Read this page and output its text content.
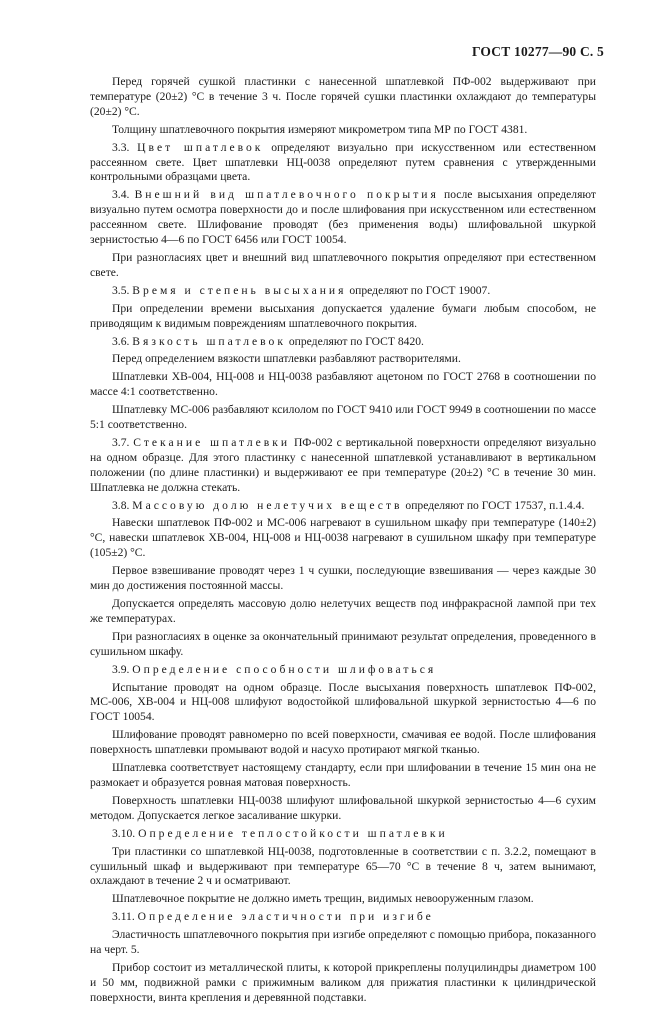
ГОСТ 10277—90 С. 5

Перед горячей сушкой пластинки с нанесенной шпатлевкой ПФ-002 выдерживают при температуре (20±2) °С в течение 3 ч. После горячей сушки пластинки охлаждают до температуры (20±2) °С.

Толщину шпатлевочного покрытия измеряют микрометром типа МР по ГОСТ 4381.

3.3. Цвет шпатлевок определяют визуально при искусственном или естественном рассеянном свете. Цвет шпатлевки НЦ-0038 определяют путем сравнения с утвержденными контрольными образцами цвета.

3.4. Внешний вид шпатлевочного покрытия после высыхания определяют визуально путем осмотра поверхности до и после шлифования при искусственном или естественном рассеянном свете. Шлифование проводят (без применения воды) шлифовальной шкуркой зернистостью 4—6 по ГОСТ 6456 или ГОСТ 10054.

При разногласиях цвет и внешний вид шпатлевочного покрытия определяют при естественном свете.

3.5. Время и степень высыхания определяют по ГОСТ 19007.

При определении времени высыхания допускается удаление бумаги любым способом, не приводящим к видимым повреждениям шпатлевочного покрытия.

3.6. Вязкость шпатлевок определяют по ГОСТ 8420.

Перед определением вязкости шпатлевки разбавляют растворителями.

Шпатлевки ХВ-004, НЦ-008 и НЦ-0038 разбавляют ацетоном по ГОСТ 2768 в соотношении по массе 4:1 соответственно.

Шпатлевку МС-006 разбавляют ксилолом по ГОСТ 9410 или ГОСТ 9949 в соотношении по массе 5:1 соответственно.

3.7. Стекание шпатлевки ПФ-002 с вертикальной поверхности определяют визуально на одном образце. Для этого пластинку с нанесенной шпатлевкой устанавливают в вертикальном положении (по длине пластинки) и выдерживают ее при температуре (20±2) °С в течение 30 мин. Шпатлевка не должна стекать.

3.8. Массовую долю нелетучих веществ определяют по ГОСТ 17537, п.1.4.4.

Навески шпатлевок ПФ-002 и МС-006 нагревают в сушильном шкафу при температуре (140±2) °С, навески шпатлевок ХВ-004, НЦ-008 и НЦ-0038 нагревают в сушильном шкафу при температуре (105±2) °С.

Первое взвешивание проводят через 1 ч сушки, последующие взвешивания — через каждые 30 мин до достижения постоянной массы.

Допускается определять массовую долю нелетучих веществ под инфракрасной лампой при тех же температурах.

При разногласиях в оценке за окончательный принимают результат определения, проведенного в сушильном шкафу.

3.9. Определение способности шлифоваться

Испытание проводят на одном образце. После высыхания поверхность шпатлевок ПФ-002, МС-006, ХВ-004 и НЦ-008 шлифуют водостойкой шлифовальной шкуркой зернистостью 4—6 по ГОСТ 10054.

Шлифование проводят равномерно по всей поверхности, смачивая ее водой. После шлифования поверхность шпатлевки промывают водой и насухо протирают мягкой тканью.

Шпатлевка соответствует настоящему стандарту, если при шлифовании в течение 15 мин она не размокает и образуется ровная матовая поверхность.

Поверхность шпатлевки НЦ-0038 шлифуют шлифовальной шкуркой зернистостью 4—6 сухим методом. Допускается легкое засаливание шкурки.

3.10. Определение теплостойкости шпатлевки

Три пластинки со шпатлевкой НЦ-0038, подготовленные в соответствии с п. 3.2.2, помещают в сушильный шкаф и выдерживают при температуре 65—70 °С в течение 8 ч, затем вынимают, охлаждают в течение 2 ч и осматривают.

Шпатлевочное покрытие не должно иметь трещин, видимых невооруженным глазом.

3.11. Определение эластичности при изгибе

Эластичность шпатлевочного покрытия при изгибе определяют с помощью прибора, показанного на черт. 5.

Прибор состоит из металлической плиты, к которой прикреплены полуцилиндры диаметром 100 и 50 мм, подвижной рамки с прижимным валиком для прижатия пластинки к цилиндрической поверхности, винта крепления и деревянной подставки.
